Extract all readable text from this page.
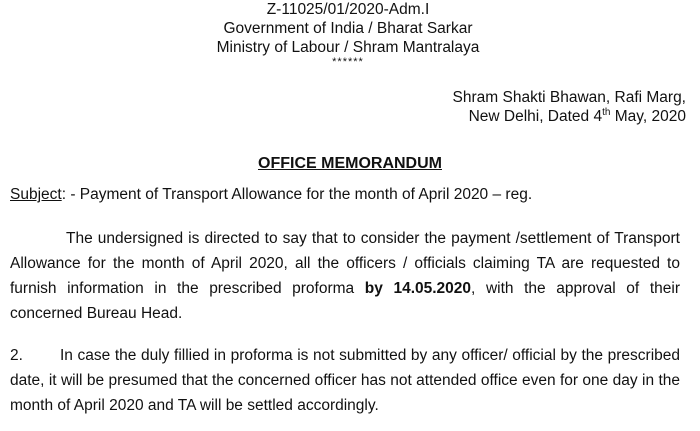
Z-11025/01/2020-Adm.I
Government of India / Bharat Sarkar
Ministry of Labour / Shram Mantralaya
******
Shram Shakti Bhawan, Rafi Marg,
New Delhi, Dated 4th May, 2020
OFFICE MEMORANDUM
Subject: - Payment of Transport Allowance for the month of April 2020 – reg.
The undersigned is directed to say that to consider the payment /settlement of Transport Allowance for the month of April 2020, all the officers / officials claiming TA are requested to furnish information in the prescribed proforma by 14.05.2020, with the approval of their concerned Bureau Head.
2. In case the duly fillied in proforma is not submitted by any officer/ official by the prescribed date, it will be presumed that the concerned officer has not attended office even for one day in the month of April 2020 and TA will be settled accordingly.
